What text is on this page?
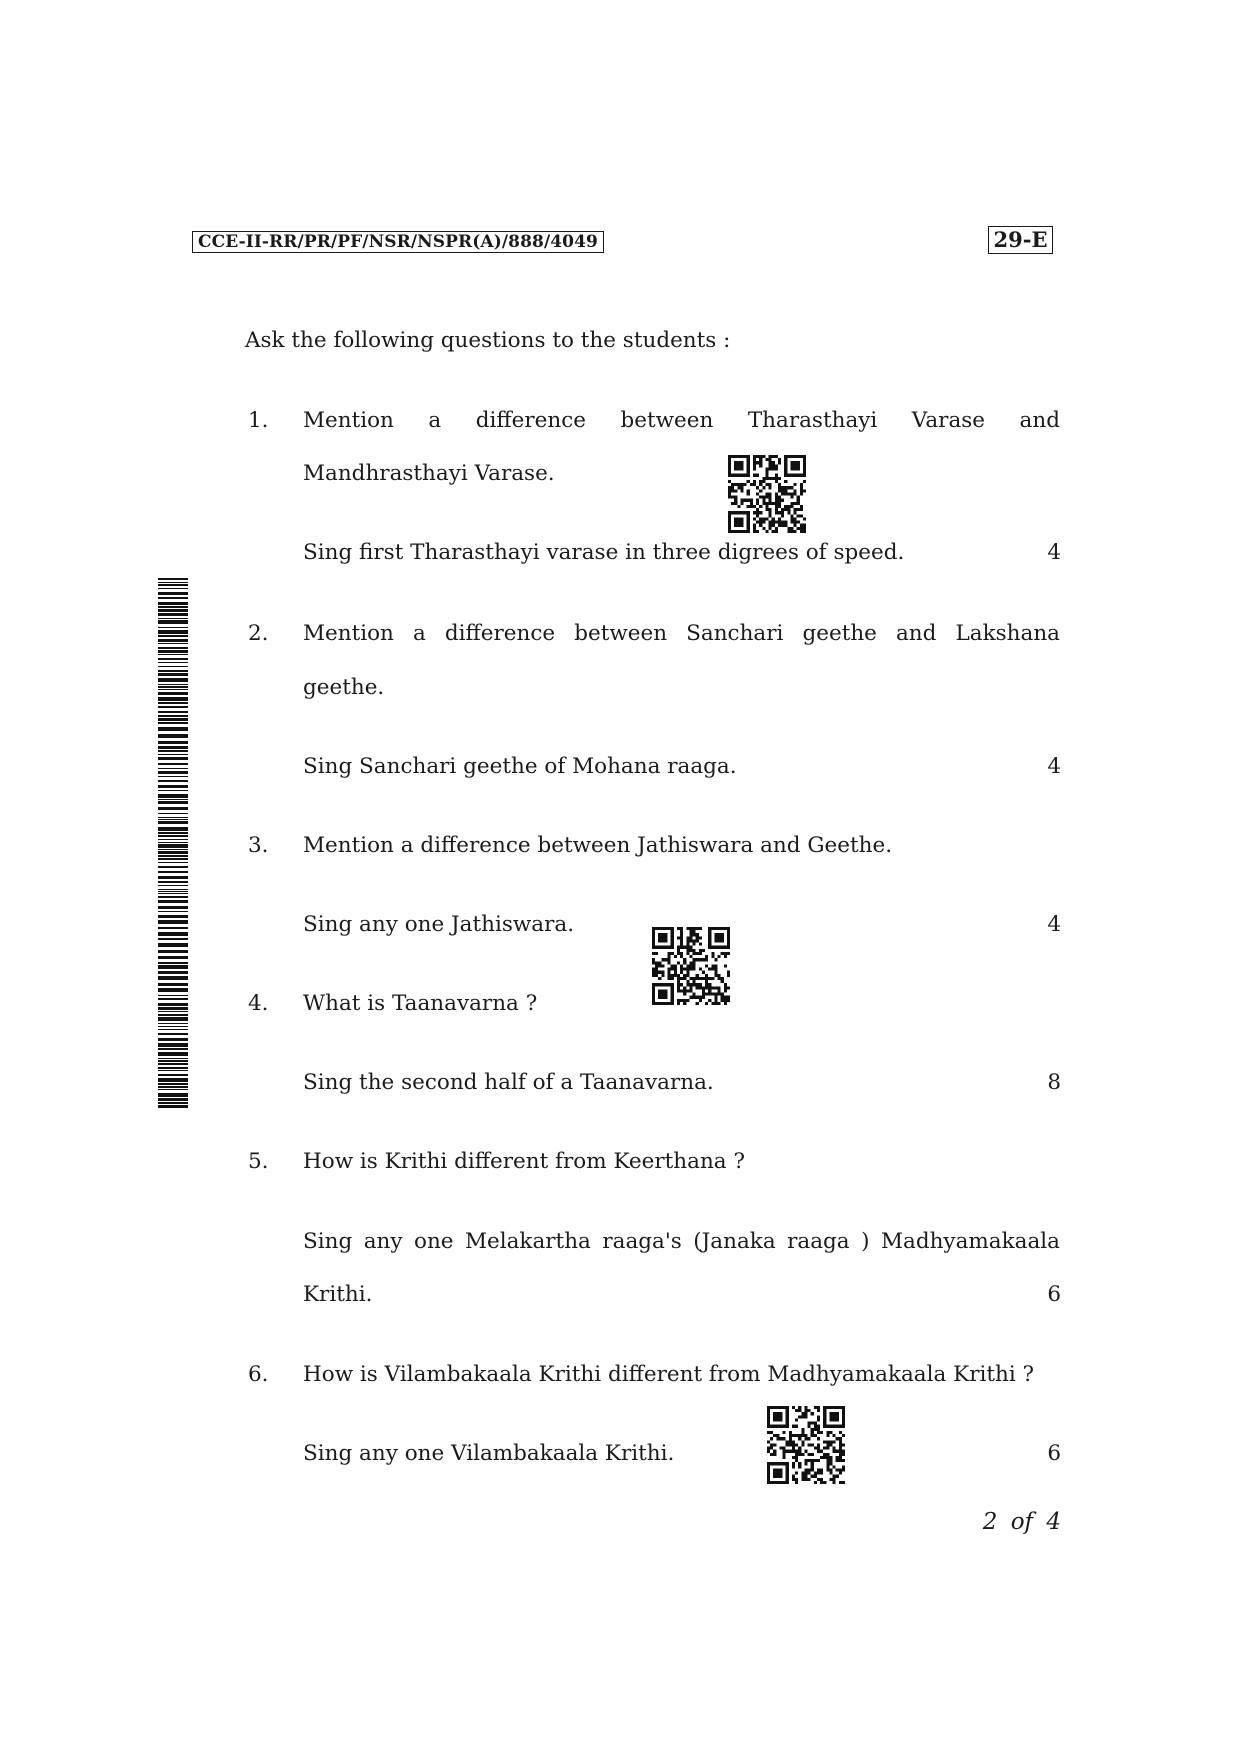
CCE-II-RR/PR/PF/NSR/NSPR(A)/888/4049	29-E
Ask the following questions to the students :
1. Mention a difference between Tharasthayi Varase and
Mandhrasthayi Varase.
Sing first Tharasthayi varase in three digrees of speed.	4
2. Mention a difference between Sanchari geethe and Lakshana
geethe.
Sing Sanchari geethe of Mohana raaga.	4
3. Mention a difference between Jathiswara and Geethe.
Sing any one Jathiswara.	4
4. What is Taanavarna ?
Sing the second half of a Taanavarna.	8
5. How is Krithi different from Keerthana ?
Sing any one Melakartha raaga's (Janaka raaga ) Madhyamakaala
Krithi.	6
6. How is Vilambakaala Krithi different from Madhyamakaala Krithi ?
Sing any one Vilambakaala Krithi.	6
2 of 4
